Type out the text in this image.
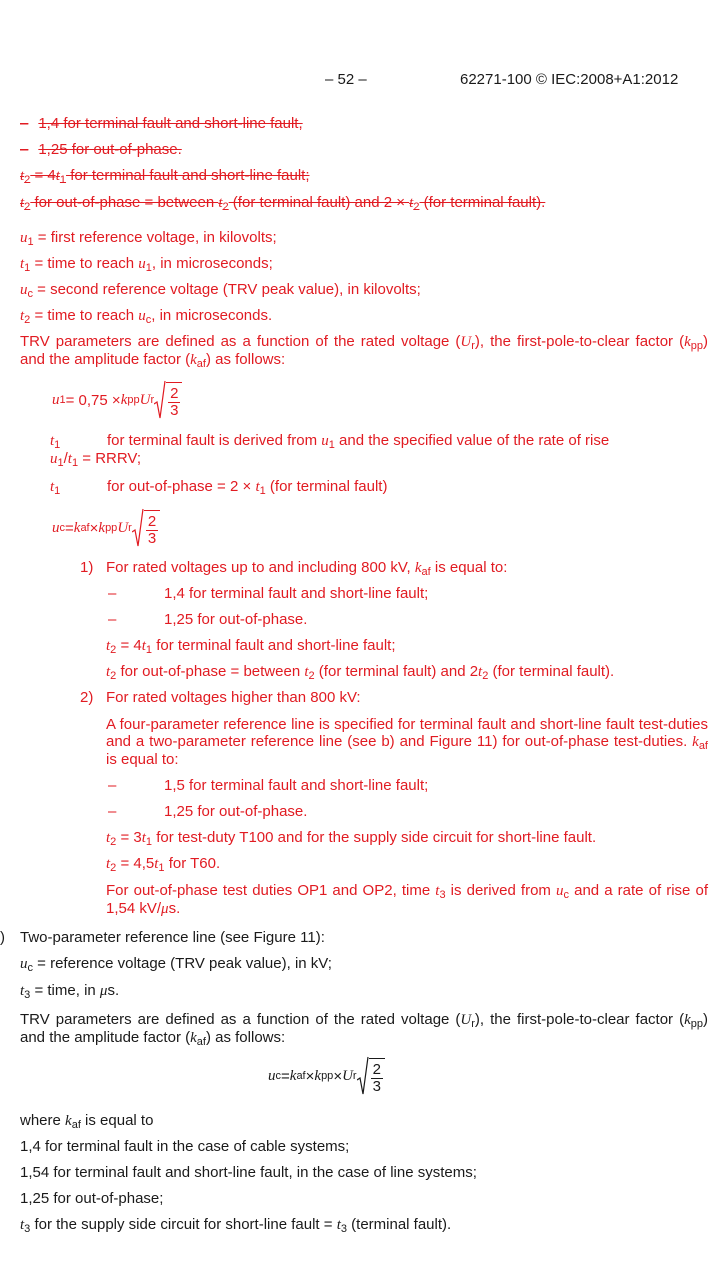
– 52 –	62271-100 © IEC:2008+A1:2012
– 1,4 for terminal fault and short-line fault,
– 1,25 for out-of-phase.
$t_2 = 4t_1$ for terminal fault and short-line fault;
$t_2$ for out-of-phase = between $t_2$ (for terminal fault) and $2 \times t_2$ (for terminal fault).
$u_1$ = first reference voltage, in kilovolts;
$t_1$ = time to reach $u_1$, in microseconds;
$u_c$ = second reference voltage (TRV peak value), in kilovolts;
$t_2$ = time to reach $u_c$, in microseconds.
TRV parameters are defined as a function of the rated voltage $(U_r)$, the first-pole-to-clear factor $(k_{pp})$ and the amplitude factor $(k_{af})$ as follows:
u 1 = 0,75 × k pp U r $\frac{2}{3}$
$t_1$	for terminal fault is derived from $u_1$ and the specified value of the rate of rise
$u_1/t_1$ = RRRV;
$t_1$	for out-of-phase = $2 \times t_1$ (for terminal fault)
u c = k af × k pp U r $\frac{2}{3}$
1) For rated voltages up to and including 800 kV, $k_{af}$ is equal to:
–	1,4 for terminal fault and short-line fault;
–	1,25 for out-of-phase.
$t_2 = 4t_1$ for terminal fault and short-line fault;
$t_2$ for out-of-phase = between $t_2$ (for terminal fault) and $2t_2$ (for terminal fault).
2) For rated voltages higher than 800 kV:
A four-parameter reference line is specified for terminal fault and short-line fault test-duties and a two-parameter reference line (see b) and Figure 11) for out-of-phase test-duties. $k_{af}$ is equal to:
–	1,5 for terminal fault and short-line fault;
–	1,25 for out-of-phase.
$t_2 = 3t_1$ for test-duty T100 and for the supply side circuit for short-line fault.
$t_2 = 4,5t_1$ for T60.
For out-of-phase test duties OP1 and OP2, time $t_3$ is derived from $u_c$ and a rate of rise of 1,54 kV/μs.
) Two-parameter reference line (see Figure 11):
$u_c$ = reference voltage (TRV peak value), in kV;
$t_3$ = time, in μs.
TRV parameters are defined as a function of the rated voltage $(U_r)$, the first-pole-to-clear factor $(k_{pp})$ and the amplitude factor $(k_{af})$ as follows:
u c = k af × k pp × U r $\frac{2}{3}$
where $k_{af}$ is equal to
1,4 for terminal fault in the case of cable systems;
1,54 for terminal fault and short-line fault, in the case of line systems;
1,25 for out-of-phase;
$t_3$ for the supply side circuit for short-line fault = $t_3$ (terminal fault).
